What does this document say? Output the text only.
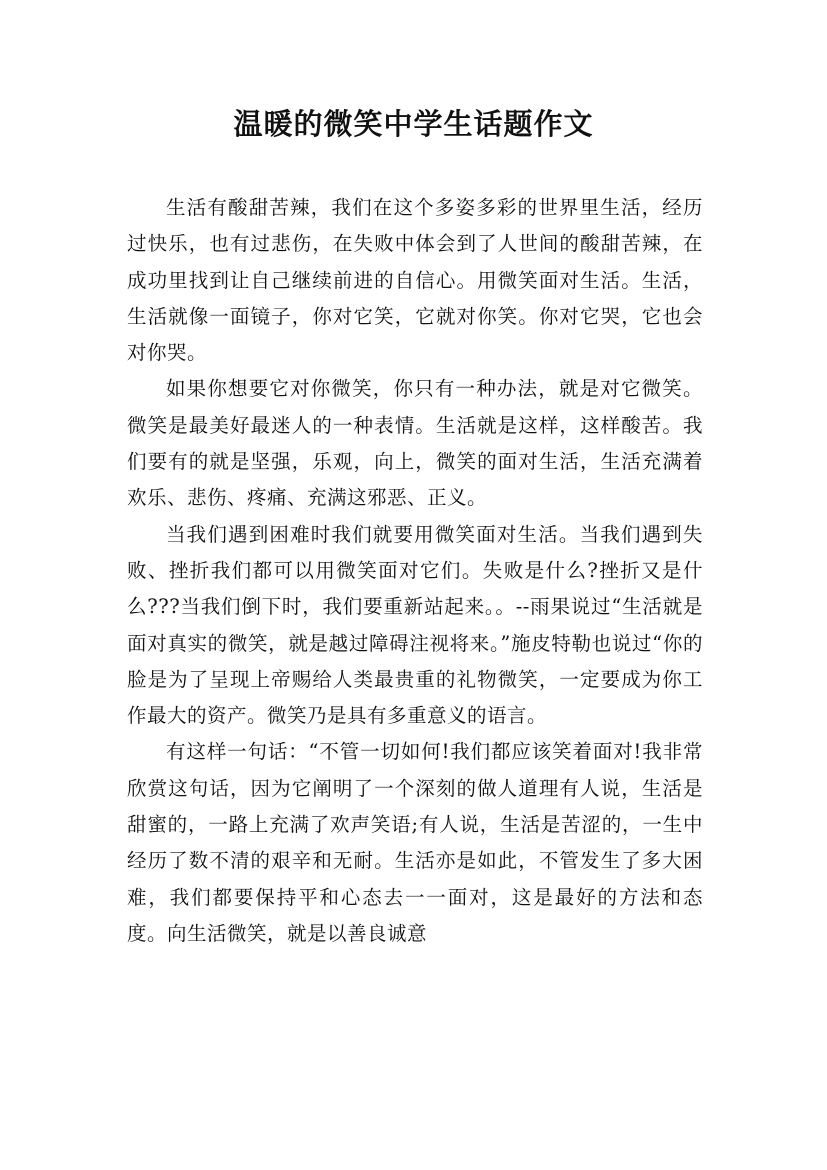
温暖的微笑中学生话题作文

生活有酸甜苦辣，我们在这个多姿多彩的世界里生活，经历过快乐，也有过悲伤，在失败中体会到了人世间的酸甜苦辣，在成功里找到让自己继续前进的自信心。用微笑面对生活。生活，生活就像一面镜子，你对它笑，它就对你笑。你对它哭，它也会对你哭。

如果你想要它对你微笑，你只有一种办法，就是对它微笑。微笑是最美好最迷人的一种表情。生活就是这样，这样酸苦。我们要有的就是坚强，乐观，向上，微笑的面对生活，生活充满着欢乐、悲伤、疼痛、充满这邪恶、正义。

当我们遇到困难时我们就要用微笑面对生活。当我们遇到失败、挫折我们都可以用微笑面对它们。失败是什么?挫折又是什么???当我们倒下时，我们要重新站起来。。--雨果说过“生活就是面对真实的微笑，就是越过障碍注视将来。”施皮特勒也说过“你的脸是为了呈现上帝赐给人类最贵重的礼物微笑，一定要成为你工作最大的资产。微笑乃是具有多重意义的语言。

有这样一句话：“不管一切如何!我们都应该笑着面对!我非常欣赏这句话，因为它阐明了一个深刻的做人道理有人说，生活是甜蜜的，一路上充满了欢声笑语;有人说，生活是苦涩的，一生中经历了数不清的艰辛和无耐。生活亦是如此，不管发生了多大困难，我们都要保持平和心态去一一面对，这是最好的方法和态度。向生活微笑，就是以善良诚意
